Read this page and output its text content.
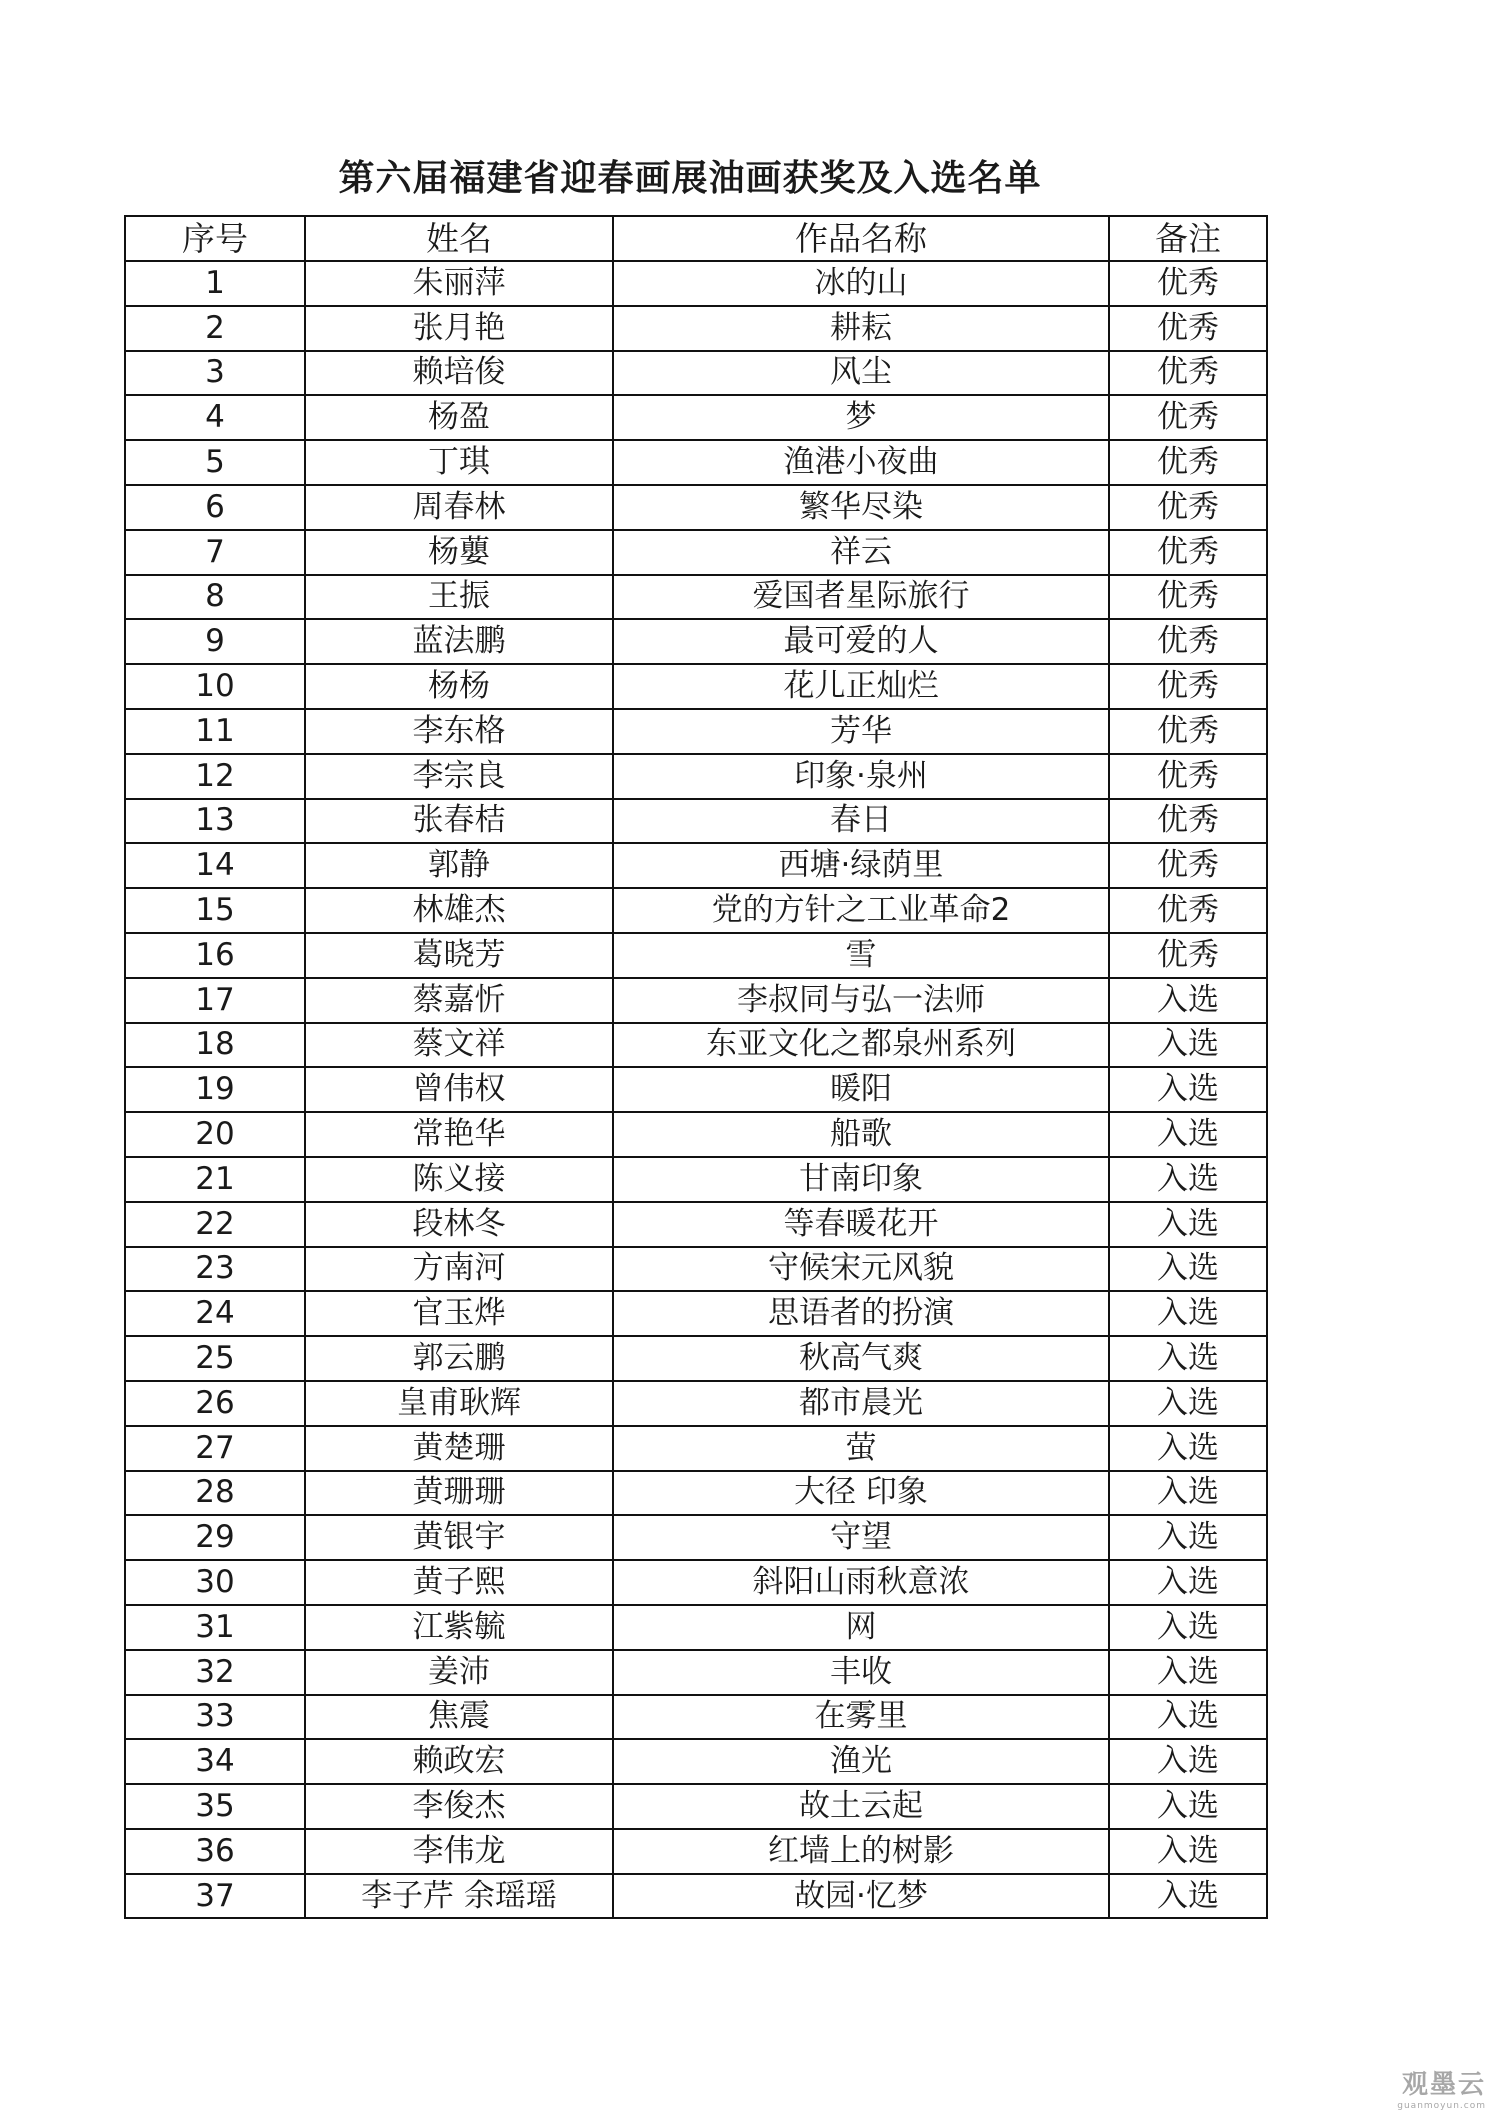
第六届福建省迎春画展油画获奖及入选名单
序号	姓名	作品名称	备注
1	朱丽萍	冰的山	优秀
2	张月艳	耕耘	优秀
3	赖培俊	风尘	优秀
4	杨盈	梦	优秀
5	丁琪	渔港小夜曲	优秀
6	周春林	繁华尽染	优秀
7	杨蘡	祥云	优秀
8	王振	爱国者星际旅行	优秀
9	蓝法鹏	最可爱的人	优秀
10	杨杨	花儿正灿烂	优秀
11	李东格	芳华	优秀
12	李宗良	印象·泉州	优秀
13	张春桔	春日	优秀
14	郭静	西塘·绿荫里	优秀
15	林雄杰	党的方针之工业革命2	优秀
16	葛晓芳	雪	优秀
17	蔡嘉忻	李叔同与弘一法师	入选
18	蔡文祥	东亚文化之都泉州系列	入选
19	曾伟权	暖阳	入选
20	常艳华	船歌	入选
21	陈义接	甘南印象	入选
22	段林冬	等春暖花开	入选
23	方南河	守候宋元风貌	入选
24	官玉烨	思语者的扮演	入选
25	郭云鹏	秋高气爽	入选
26	皇甫耿辉	都市晨光	入选
27	黄楚珊	萤	入选
28	黄珊珊	大径 印象	入选
29	黄银宇	守望	入选
30	黄子熙	斜阳山雨秋意浓	入选
31	江紫毓	网	入选
32	姜沛	丰收	入选
33	焦震	在雾里	入选
34	赖政宏	渔光	入选
35	李俊杰	故土云起	入选
36	李伟龙	红墙上的树影	入选
37	李子芹 余瑶瑶	故园·忆梦	入选
观墨云
guanmoyun.com
